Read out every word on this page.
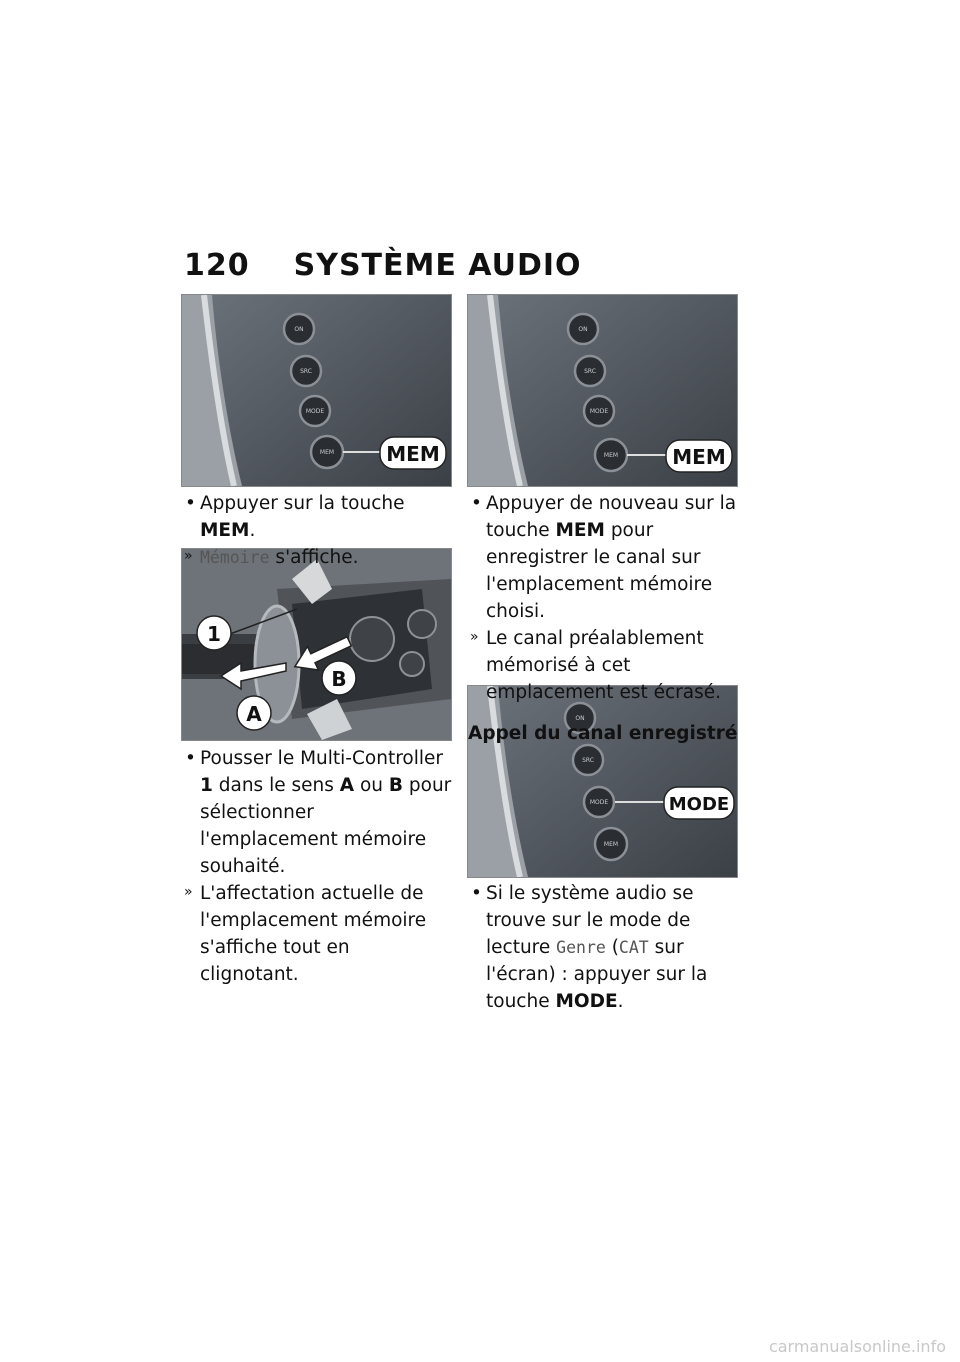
120 SYSTÈME AUDIO
ON
SRC
MODE
MEM	MEM
1
B
A
ON
SRC
MODE
MEM	MEM
ON
SRC
MODE
MEM
MODE

• Appuyer sur la touche MEM.

» Mémoire s'affiche.

• Pousser le Multi-Controller 1 dans le sens A ou B pour sélectionner l'emplacement mémoire souhaité.

» L'affectation actuelle de l'emplacement mémoire s'affiche tout en clignotant.

• Appuyer de nouveau sur la touche MEM pour enregistrer le canal sur l'emplacement mémoire choisi.

» Le canal préalablement mémorisé à cet emplacement est écrasé.

Appel du canal enregistré

• Si le système audio se trouve sur le mode de lecture Genre (CAT sur l'écran) : appuyer sur la touche MODE.

carmanualsonline.info
